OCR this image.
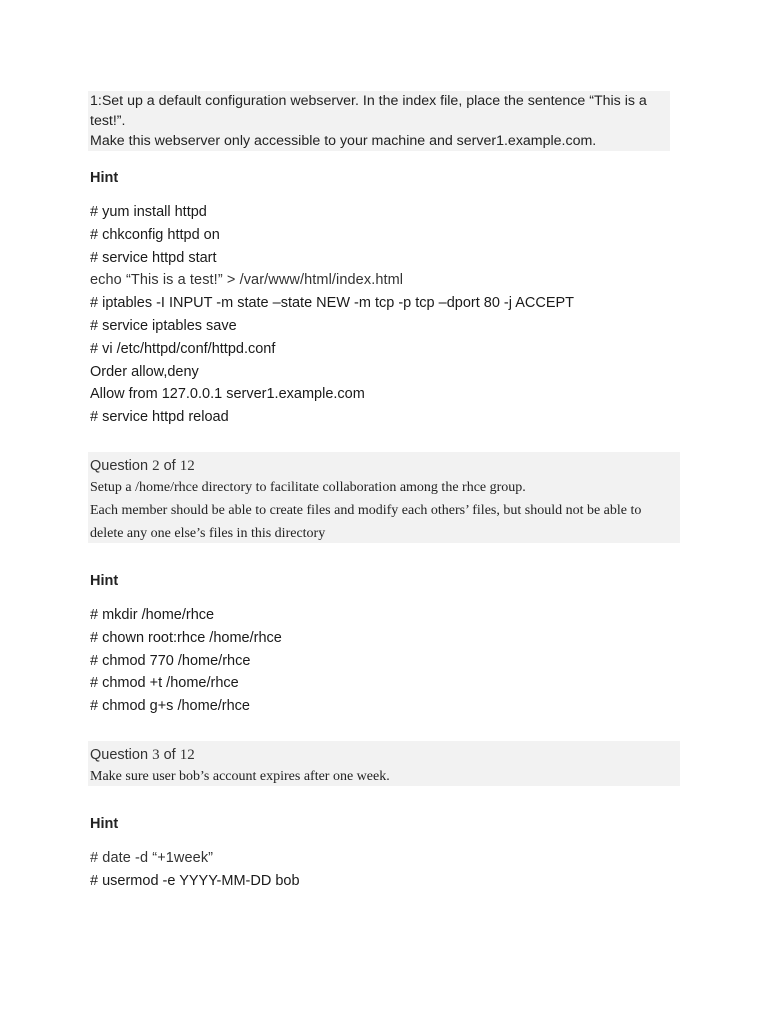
1:Set up a default configuration webserver. In the index file, place the sentence “This is a test!”.

Make this webserver only accessible to your machine and server1.example.com.
Hint
# yum install httpd
# chkconfig httpd on
# service httpd start
echo “This is a test!” > /var/www/html/index.html
# iptables -I INPUT -m state –state NEW -m tcp -p tcp –dport 80 -j ACCEPT
# service iptables save
# vi /etc/httpd/conf/httpd.conf
Order allow,deny
Allow from 127.0.0.1 server1.example.com
# service httpd reload
Question 2 of 12
Setup a /home/rhce directory to facilitate collaboration among the rhce group.
Each member should be able to create files and modify each others’ files, but should not be able to
delete any one else’s files in this directory
Hint
# mkdir /home/rhce
# chown root:rhce /home/rhce
# chmod 770 /home/rhce
# chmod +t /home/rhce
# chmod g+s /home/rhce
Question 3 of 12
Make sure user bob’s account expires after one week.
Hint
# date -d “+1week”
# usermod -e YYYY-MM-DD bob
